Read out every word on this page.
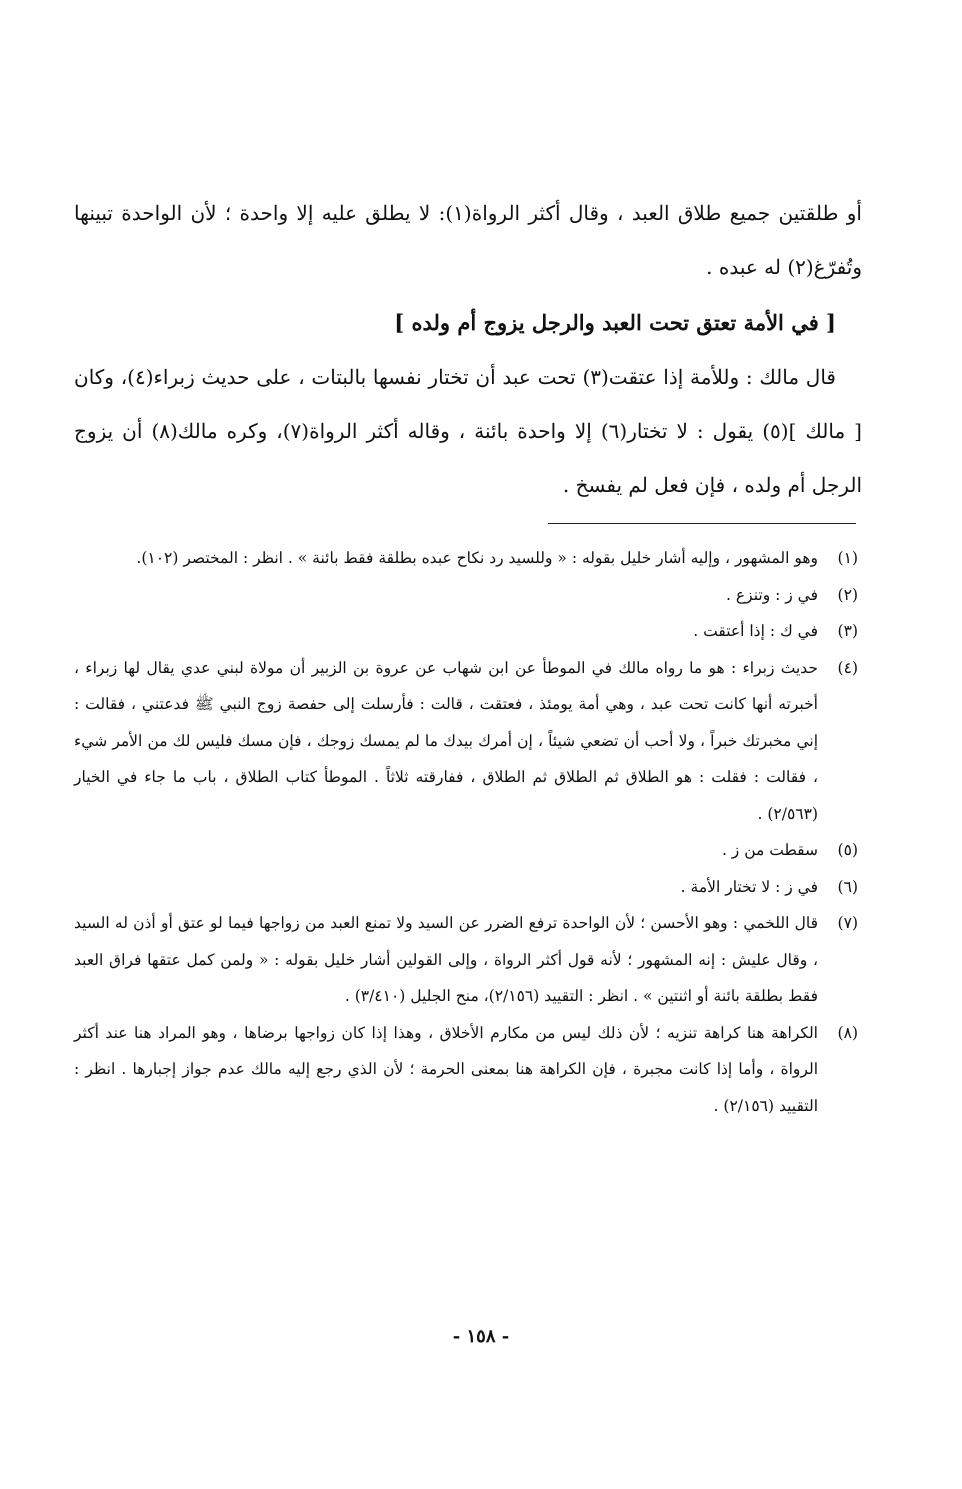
أو طلقتين جميع طلاق العبد ، وقال أكثر الرواة(١): لا يطلق عليه إلا واحدة ؛ لأن الواحدة تبينها وتُفرّغ(٢) له عبده .

[ في الأمة تعتق تحت العبد والرجل يزوج أم ولده ]

قال مالك : وللأمة إذا عتقت(٣) تحت عبد أن تختار نفسها بالبتات ، على حديث زبراء(٤)، وكان [ مالك ](٥) يقول : لا تختار(٦) إلا واحدة بائنة ، وقاله أكثر الرواة(٧)، وكره مالك(٨) أن يزوج الرجل أم ولده ، فإن فعل لم يفسخ .

(١)
وهو المشهور ، وإليه أشار خليل بقوله : « وللسيد رد نكاح عبده بطلقة فقط بائنة » . انظر : المختصر (١٠٢).
(٢)
في ز : وتنزع .
(٣)
في ك : إذا أعتقت .
(٤)
حديث زبراء : هو ما رواه مالك في الموطأ عن ابن شهاب عن عروة بن الزبير أن مولاة لبني عدي يقال لها زبراء ، أخبرته أنها كانت تحت عبد ، وهي أمة يومئذ ، فعتقت ، قالت : فأرسلت إلى حفصة زوج النبي ﷺ فدعتني ، فقالت : إني مخبرتك خبراً ، ولا أحب أن تضعي شيئاً ، إن أمرك بيدك ما لم يمسك زوجك ، فإن مسك فليس لك من الأمر شيء ، فقالت : فقلت : هو الطلاق ثم الطلاق ثم الطلاق ، ففارقته ثلاثاً . الموطأ كتاب الطلاق ، باب ما جاء في الخيار (٢/٥٦٣) .
(٥)
سقطت من ز .
(٦)
في ز : لا تختار الأمة .
(٧)
قال اللخمي : وهو الأحسن ؛ لأن الواحدة ترفع الضرر عن السيد ولا تمنع العبد من زواجها فيما لو عتق أو أذن له السيد ، وقال عليش : إنه المشهور ؛ لأنه قول أكثر الرواة ، وإلى القولين أشار خليل بقوله : « ولمن كمل عتقها فراق العبد فقط بطلقة بائنة أو اثنتين » . انظر : التقييد (٢/١٥٦)، منح الجليل (٣/٤١٠) .
(٨)
الكراهة هنا كراهة تنزيه ؛ لأن ذلك ليس من مكارم الأخلاق ، وهذا إذا كان زواجها برضاها ، وهو المراد هنا عند أكثر الرواة ، وأما إذا كانت مجبرة ، فإن الكراهة هنا بمعنى الحرمة ؛ لأن الذي رجع إليه مالك عدم جواز إجبارها . انظر : التقييد (٢/١٥٦) .
- ١٥٨ -
